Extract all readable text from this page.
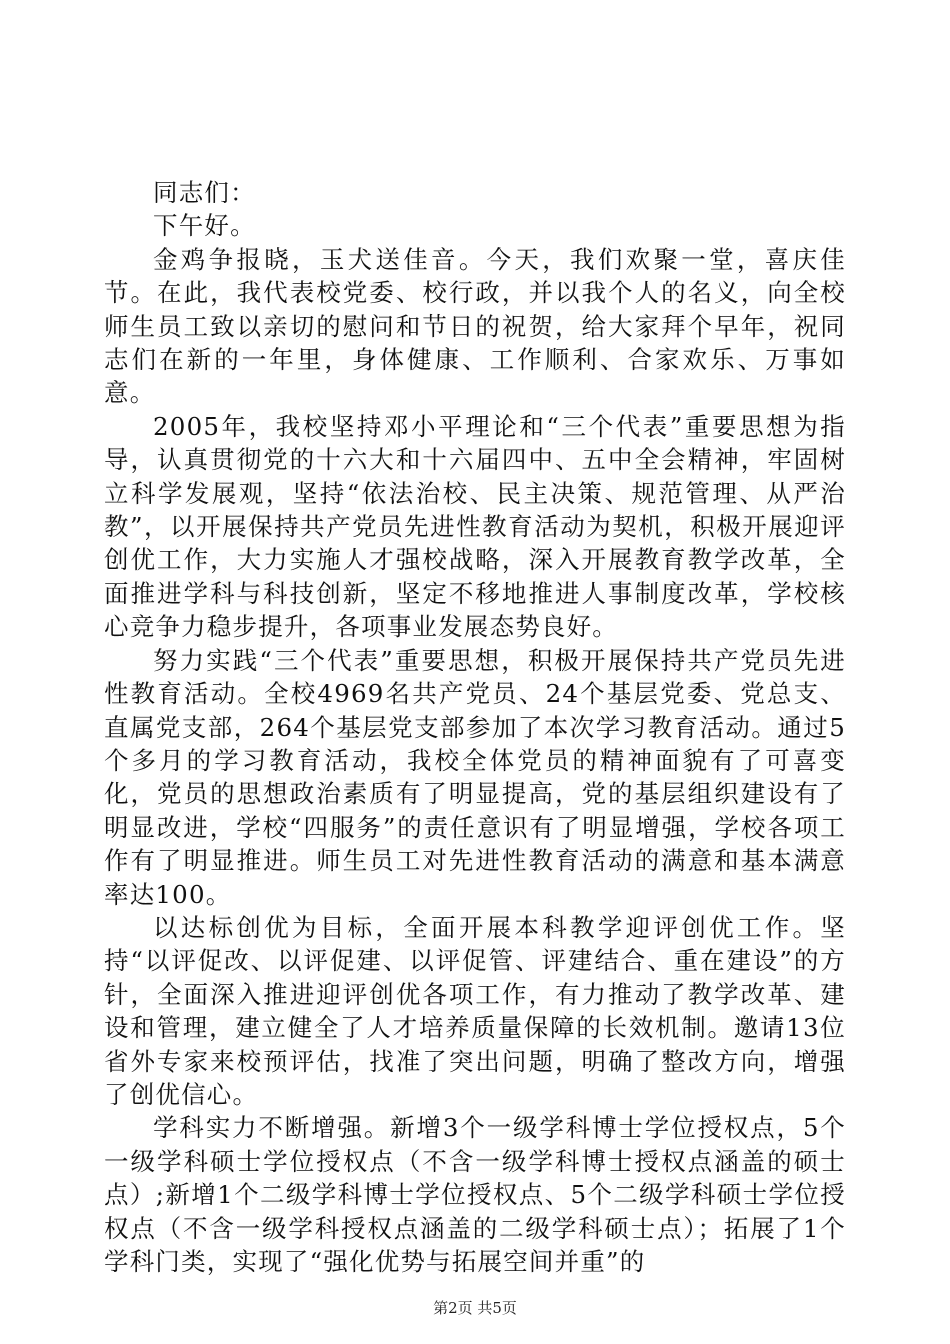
同志们：

下午好。

金鸡争报晓，玉犬送佳音。今天，我们欢聚一堂，喜庆佳节。在此，我代表校党委、校行政，并以我个人的名义，向全校师生员工致以亲切的慰问和节日的祝贺，给大家拜个早年，祝同志们在新的一年里，身体健康、工作顺利、合家欢乐、万事如意。

2005年，我校坚持邓小平理论和“三个代表”重要思想为指导，认真贯彻党的十六大和十六届四中、五中全会精神，牢固树立科学发展观，坚持“依法治校、民主决策、规范管理、从严治教”，以开展保持共产党员先进性教育活动为契机，积极开展迎评创优工作，大力实施人才强校战略，深入开展教育教学改革，全面推进学科与科技创新，坚定不移地推进人事制度改革，学校核心竞争力稳步提升，各项事业发展态势良好。

努力实践“三个代表”重要思想，积极开展保持共产党员先进性教育活动。全校4969名共产党员、24个基层党委、党总支、直属党支部，264个基层党支部参加了本次学习教育活动。通过5个多月的学习教育活动，我校全体党员的精神面貌有了可喜变化，党员的思想政治素质有了明显提高，党的基层组织建设有了明显改进，学校“四服务”的责任意识有了明显增强，学校各项工作有了明显推进。师生员工对先进性教育活动的满意和基本满意率达100。

以达标创优为目标，全面开展本科教学迎评创优工作。坚持“以评促改、以评促建、以评促管、评建结合、重在建设”的方针，全面深入推进迎评创优各项工作，有力推动了教学改革、建设和管理，建立健全了人才培养质量保障的长效机制。邀请13位省外专家来校预评估，找准了突出问题，明确了整改方向，增强了创优信心。

学科实力不断增强。新增3个一级学科博士学位授权点，5个一级学科硕士学位授权点（不含一级学科博士授权点涵盖的硕士点）;新增1个二级学科博士学位授权点、5个二级学科硕士学位授权点（不含一级学科授权点涵盖的二级学科硕士点）；拓展了1个学科门类，实现了“强化优势与拓展空间并重”的

第2页 共5页
